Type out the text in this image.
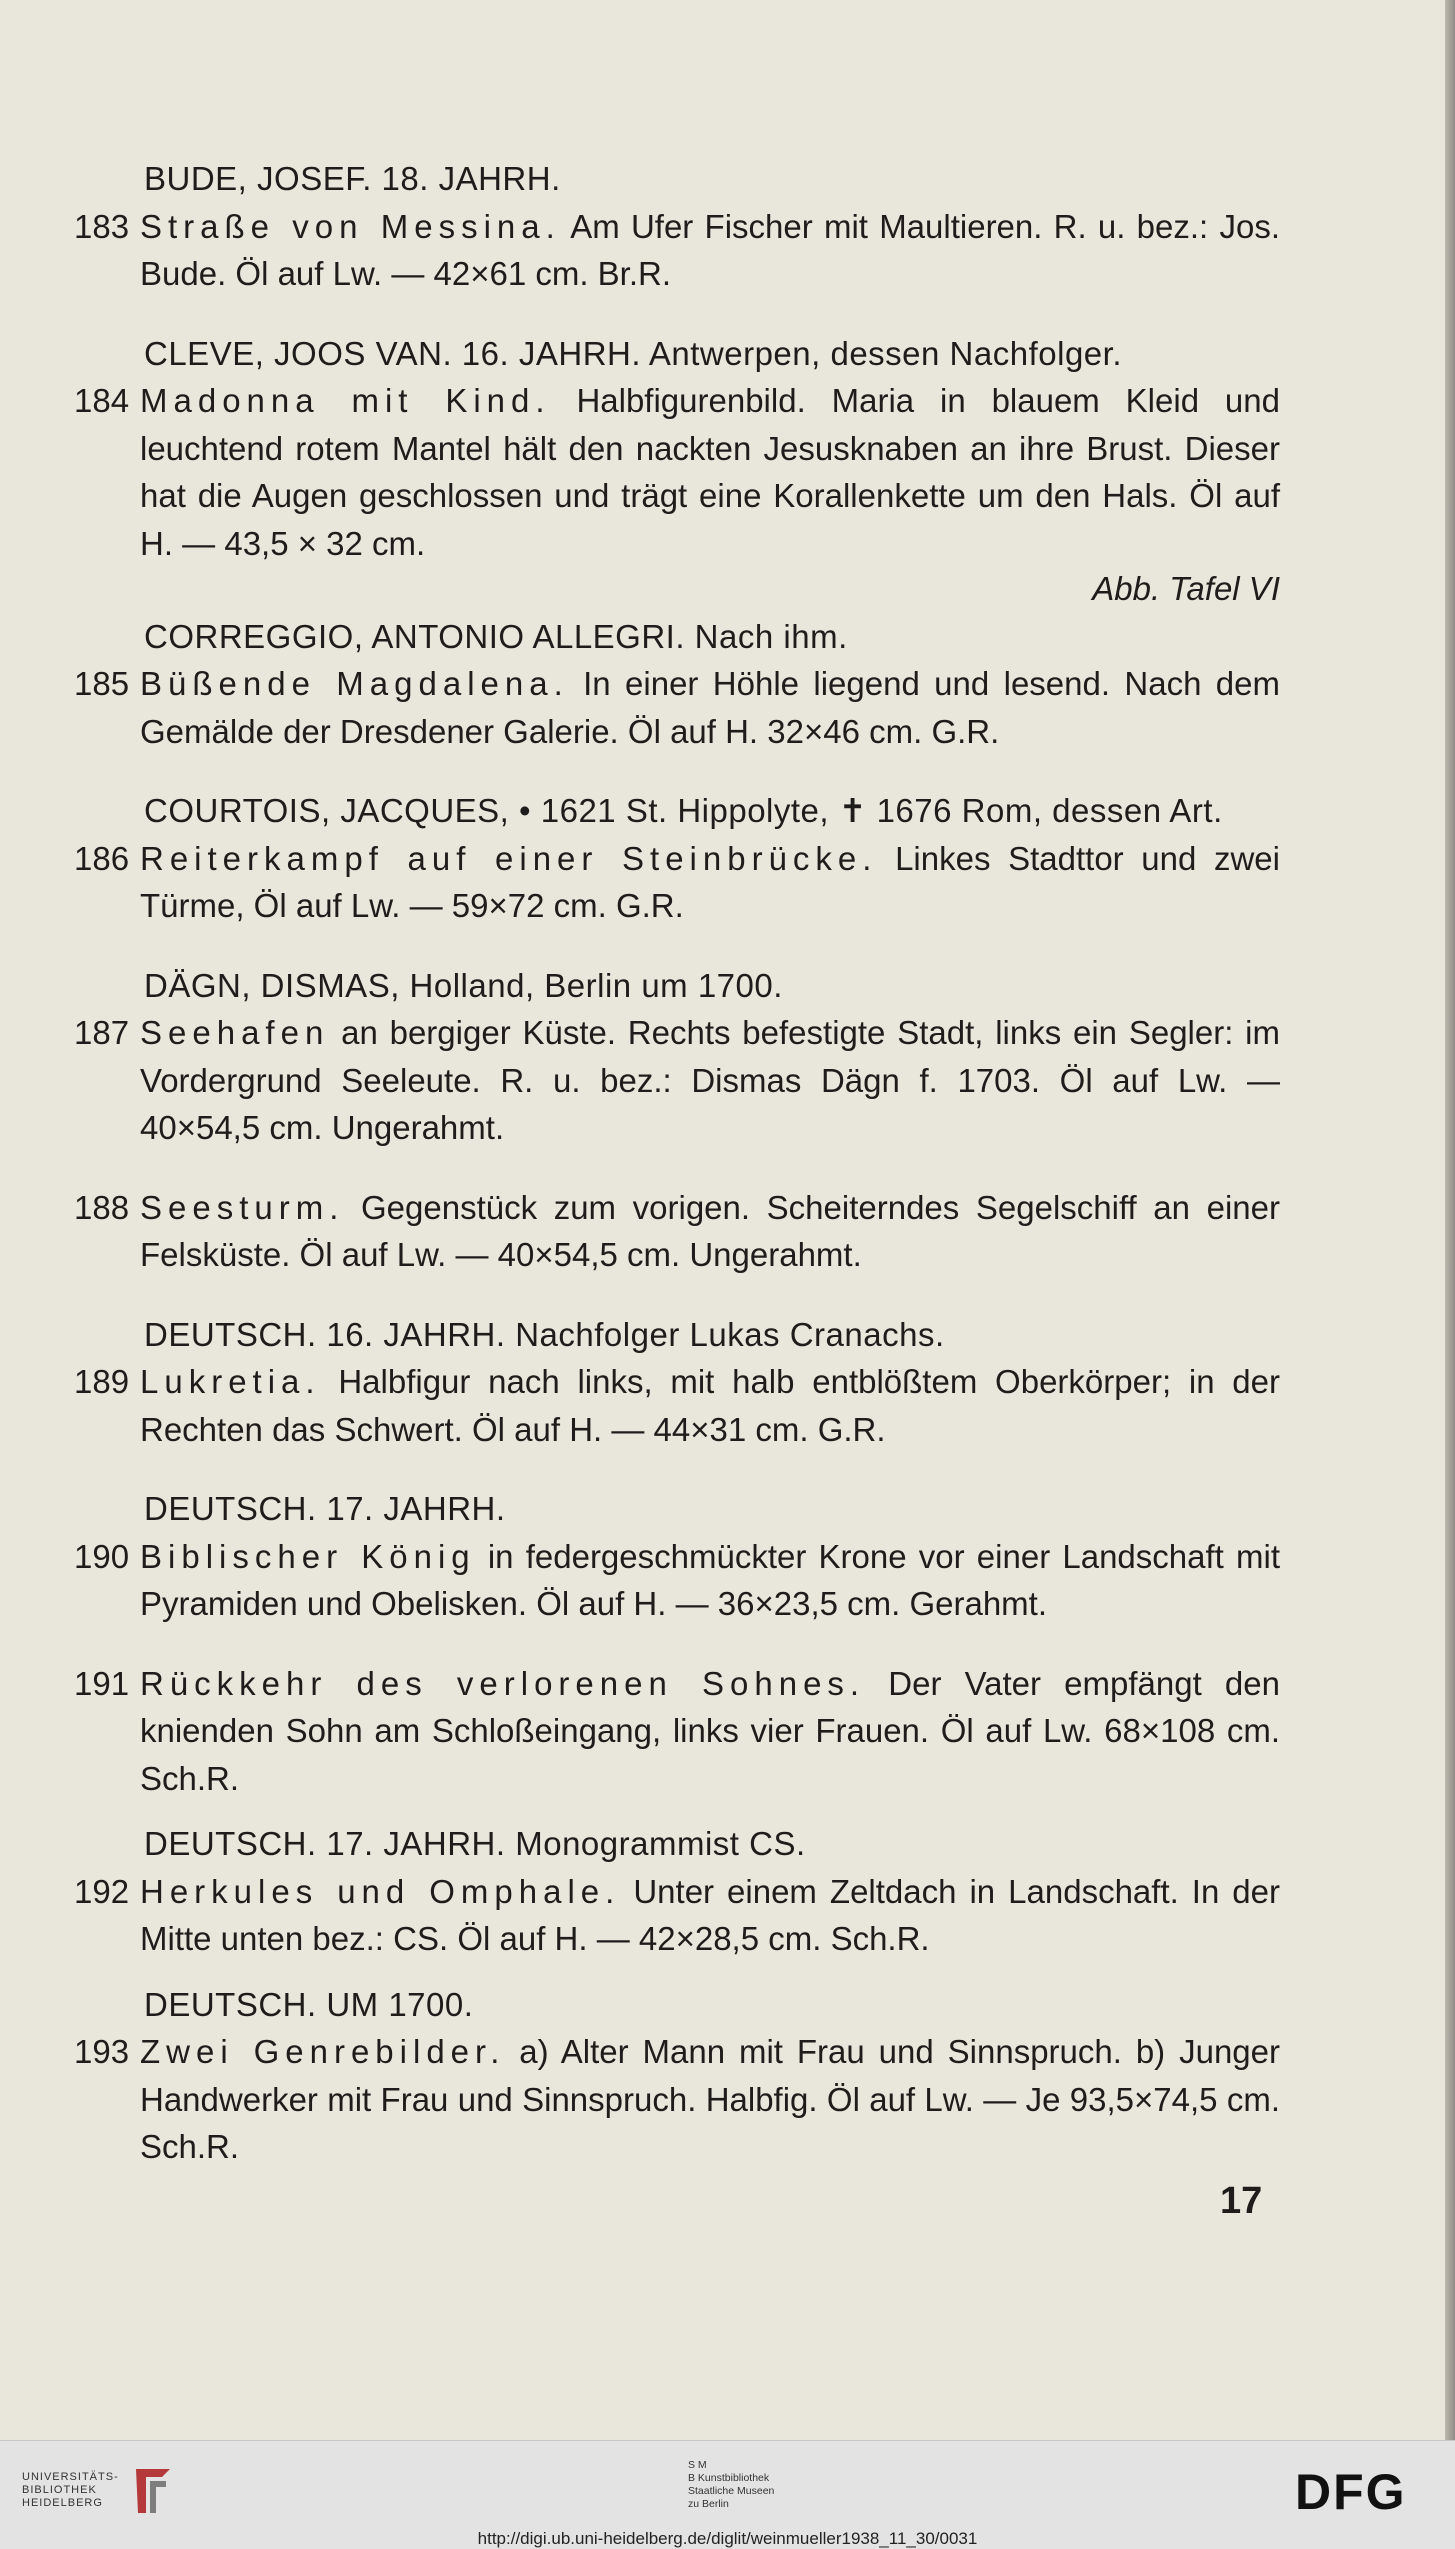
BUDE, JOSEF. 18. JAHRH.

183 Straße von Messina. Am Ufer Fischer mit Maultieren. R. u. bez.: Jos. Bude. Öl auf Lw. — 42×61 cm. Br.R.

CLEVE, JOOS VAN. 16. JAHRH. Antwerpen, dessen Nachfolger.

184 Madonna mit Kind. Halbfigurenbild. Maria in blauem Kleid und leuchtend rotem Mantel hält den nackten Jesusknaben an ihre Brust. Dieser hat die Augen geschlossen und trägt eine Korallenkette um den Hals. Öl auf H. — 43,5 × 32 cm.
Abb. Tafel VI

CORREGGIO, ANTONIO ALLEGRI. Nach ihm.

185 Büßende Magdalena. In einer Höhle liegend und lesend. Nach dem Gemälde der Dresdener Galerie. Öl auf H. 32×46 cm. G.R.

COURTOIS, JACQUES, • 1621 St. Hippolyte, ✝ 1676 Rom, dessen Art.

186 Reiterkampf auf einer Steinbrücke. Linkes Stadttor und zwei Türme, Öl auf Lw. — 59×72 cm. G.R.

DÄGN, DISMAS, Holland, Berlin um 1700.

187 Seehafen an bergiger Küste. Rechts befestigte Stadt, links ein Segler: im Vordergrund Seeleute. R. u. bez.: Dismas Dägn f. 1703. Öl auf Lw. — 40×54,5 cm. Ungerahmt.
188 Seesturm. Gegenstück zum vorigen. Scheiterndes Segelschiff an einer Felsküste. Öl auf Lw. — 40×54,5 cm. Ungerahmt.

DEUTSCH. 16. JAHRH. Nachfolger Lukas Cranachs.

189 Lukretia. Halbfigur nach links, mit halb entblößtem Oberkörper; in der Rechten das Schwert. Öl auf H. — 44×31 cm. G.R.

DEUTSCH. 17. JAHRH.

190 Biblischer König in federgeschmückter Krone vor einer Landschaft mit Pyramiden und Obelisken. Öl auf H. — 36×23,5 cm. Gerahmt.
191 Rückkehr des verlorenen Sohnes. Der Vater empfängt den knienden Sohn am Schloßeingang, links vier Frauen. Öl auf Lw. 68×108 cm. Sch.R.

DEUTSCH. 17. JAHRH. Monogrammist CS.

192 Herkules und Omphale. Unter einem Zeltdach in Landschaft. In der Mitte unten bez.: CS. Öl auf H. — 42×28,5 cm. Sch.R.

DEUTSCH. UM 1700.

193 Zwei Genrebilder. a) Alter Mann mit Frau und Sinnspruch. b) Junger Handwerker mit Frau und Sinnspruch. Halbfig. Öl auf Lw. — Je 93,5×74,5 cm. Sch.R.
17
UNIVERSITÄTS-
BIBLIOTHEK
HEIDELBERG
S M
B Kunstbibliothek
Staatliche Museen
zu Berlin	DFG
http://digi.ub.uni-heidelberg.de/diglit/weinmueller1938_11_30/0031
